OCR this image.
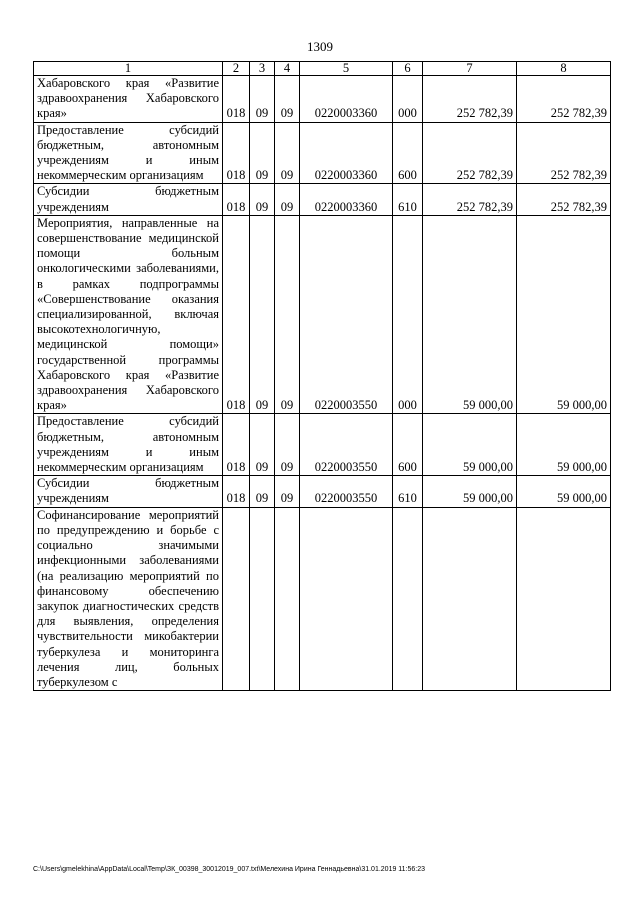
1309
1	2	3	4	5	6	7	8
Хабаровского края «Развитие здравоохранения Хабаровского края»	018	09	09	0220003360	000	252 782,39	252 782,39
Предоставление субсидий бюджетным, автономным учреждениям и иным некоммерческим организациям	018	09	09	0220003360	600	252 782,39	252 782,39
Субсидии бюджетным учреждениям	018	09	09	0220003360	610	252 782,39	252 782,39
Мероприятия, направленные на совершенствование медицинской помощи больным онкологическими заболеваниями, в рамках подпрограммы «Совершенствование оказания специализированной, включая высокотехнологичную, медицинской помощи» государственной программы Хабаровского края «Развитие здравоохранения Хабаровского края»	018	09	09	0220003550	000	59 000,00	59 000,00
Предоставление субсидий бюджетным, автономным учреждениям и иным некоммерческим организациям	018	09	09	0220003550	600	59 000,00	59 000,00
Субсидии бюджетным учреждениям	018	09	09	0220003550	610	59 000,00	59 000,00
Софинансирование мероприятий по предупреждению и борьбе с социально значимыми инфекционными заболеваниями (на реализацию мероприятий по финансовому обеспечению закупок диагностических средств для выявления, определения чувствительности микобактерии туберкулеза и мониторинга лечения лиц, больных туберкулезом с							
C:\Users\gmelekhina\AppData\Local\Temp\ЗК_00398_30012019_007.txt\Мелехина Ирина Геннадьевна\31.01.2019 11:56:23
